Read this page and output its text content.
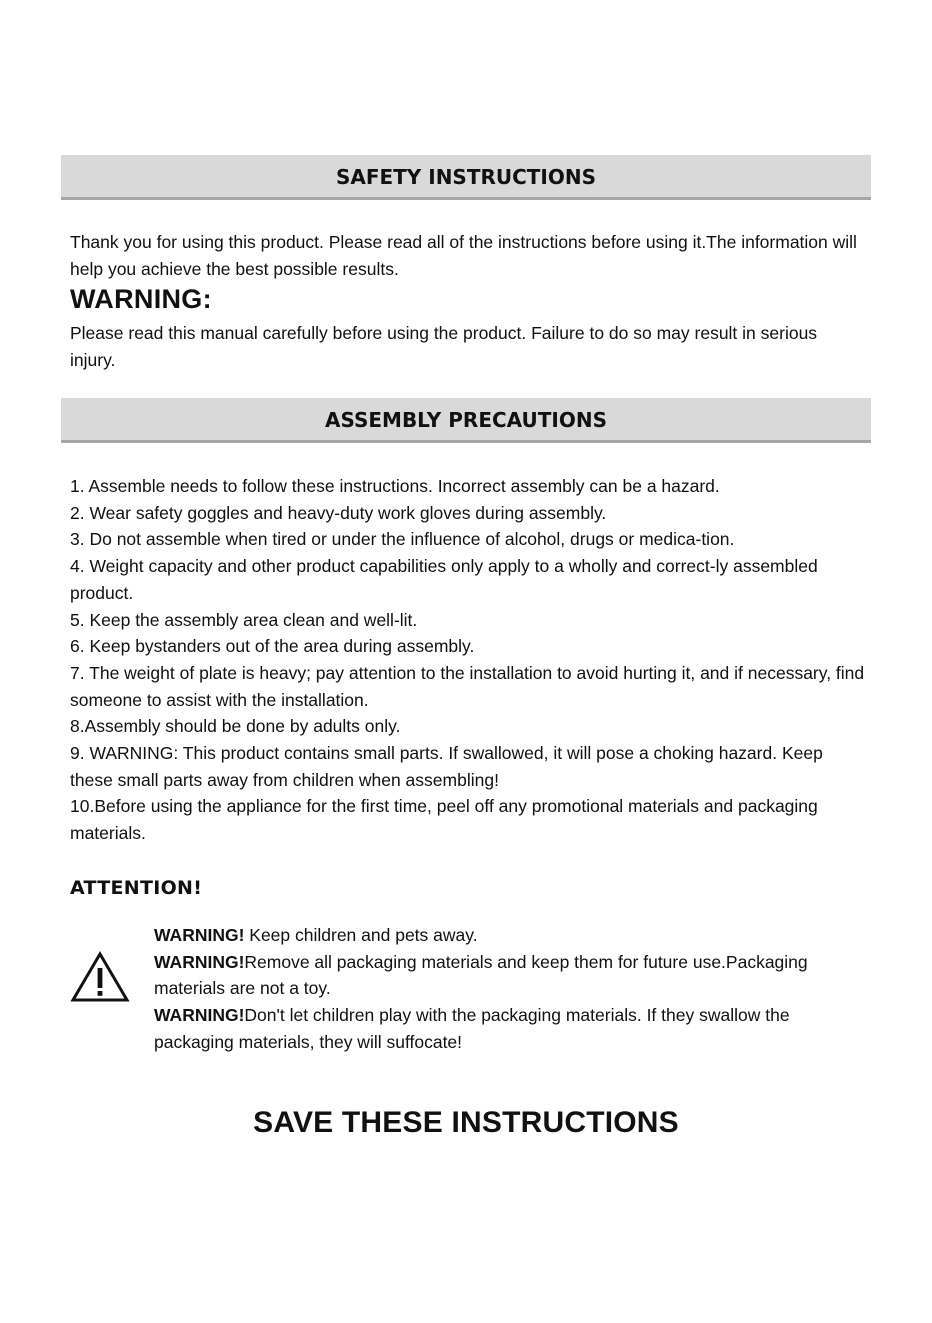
SAFETY INSTRUCTIONS

Thank you for using this product. Please read all of the instructions before using it.The information will help you achieve the best possible results.

WARNING:

Please read this manual carefully before using the product. Failure to do so may result in serious injury.

ASSEMBLY PRECAUTIONS
1. Assemble needs to follow these instructions. Incorrect assembly can be a hazard.
2. Wear safety goggles and heavy-duty work gloves during assembly.
3. Do not assemble when tired or under the influence of alcohol, drugs or medica-tion.
4. Weight capacity and other product capabilities only apply to a wholly and correct-ly assembled product.
5. Keep the assembly area clean and well-lit.
6. Keep bystanders out of the area during assembly.
7. The weight of plate is heavy; pay attention to the installation to avoid hurting it, and if necessary, find someone to assist with the installation.
8.Assembly should be done by adults only.
9. WARNING: This product contains small parts. If swallowed, it will pose a choking hazard. Keep these small parts away from children when assembling!
10.Before using the appliance for the first time, peel off any promotional materials and packaging materials.
ATTENTION!
WARNING! Keep children and pets away.
WARNING!Remove all packaging materials and keep them for future use.Packaging materials are not a toy.
WARNING!Don't let children play with the packaging materials. If they swallow the packaging materials, they will suffocate!
SAVE THESE INSTRUCTIONS
